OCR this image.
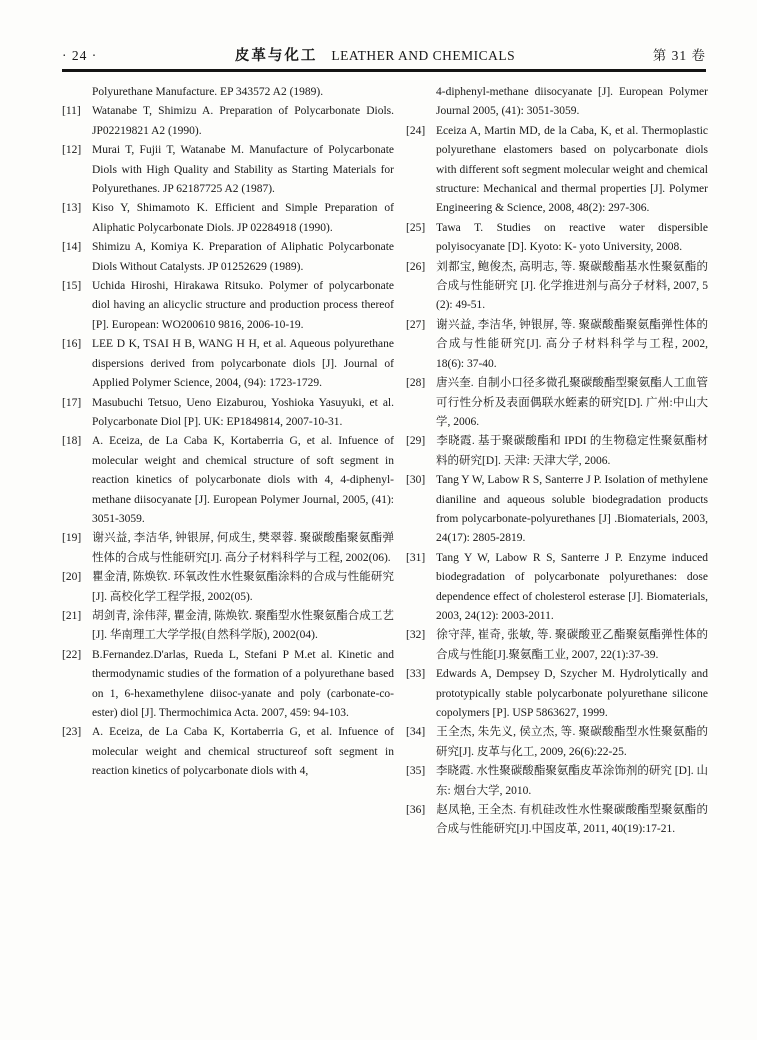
· 24 ·	皮革与化工 LEATHER AND CHEMICALS	第 31 卷
Polyurethane Manufacture. EP 343572 A2 (1989).
[11] Watanabe T, Shimizu A. Preparation of Polycarbonate Diols. JP02219821 A2 (1990).
[12] Murai T, Fujii T, Watanabe M. Manufacture of Polycarbonate Diols with High Quality and Stability as Starting Materials for Polyurethanes. JP 62187725 A2 (1987).
[13] Kiso Y, Shimamoto K. Efficient and Simple Preparation of Aliphatic Polycarbonate Diols. JP 02284918 (1990).
[14] Shimizu A, Komiya K. Preparation of Aliphatic Polycarbonate Diols Without Catalysts. JP 01252629 (1989).
[15] Uchida Hiroshi, Hirakawa Ritsuko. Polymer of polycarbonate diol having an alicyclic structure and production process thereof [P]. European: WO200610 9816, 2006-10-19.
[16] LEE D K, TSAI H B, WANG H H, et al. Aqueous polyurethane dispersions derived from polycarbonate diols [J]. Journal of Applied Polymer Science, 2004, (94): 1723-1729.
[17] Masubuchi Tetsuo, Ueno Eizaburou, Yoshioka Yasuyuki, et al. Polycarbonate Diol [P]. UK: EP1849814, 2007-10-31.
[18] A. Eceiza, de La Caba K, Kortaberria G, et al. Infuence of molecular weight and chemical structure of soft segment in reaction kinetics of polycarbonate diols with 4, 4-diphenyl-methane diisocyanate [J]. European Polymer Journal, 2005, (41): 3051-3059.
[19] 谢兴益, 李洁华, 钟银屏, 何成生, 樊翠蓉. 聚碳酸酯聚氨酯弹性体的合成与性能研究[J]. 高分子材料科学与工程, 2002(06).
[20] 瞿金清, 陈焕钦. 环氧改性水性聚氨酯涂料的合成与性能研究[J]. 高校化学工程学报, 2002(05).
[21] 胡剑青, 涂伟萍, 瞿金清, 陈焕钦. 聚酯型水性聚氨酯合成工艺[J]. 华南理工大学学报(自然科学版), 2002(04).
[22] B.Fernandez.D'arlas, Rueda L, Stefani P M.et al. Kinetic and thermodynamic studies of the formation of a polyurethane based on 1, 6-hexamethylene diisoc-yanate and poly (carbonate-co-ester) diol [J]. Thermochimica Acta. 2007, 459: 94-103.
[23] A. Eceiza, de La Caba K, Kortaberria G, et al. Infuence of molecular weight and chemical structureof soft segment in reaction kinetics of polycarbonate diols with 4,
4-diphenyl-methane diisocyanate [J]. European Polymer Journal 2005, (41): 3051-3059.
[24] Eceiza A, Martin MD, de la Caba, K, et al. Thermoplastic polyurethane elastomers based on polycarbonate diols with different soft segment molecular weight and chemical structure: Mechanical and thermal properties [J]. Polymer Engineering & Science, 2008, 48(2): 297-306.
[25] Tawa T. Studies on reactive water dispersible polyisocyanate [D]. Kyoto: K- yoto University, 2008.
[26] 刘都宝, 鲍俊杰, 高明志, 等. 聚碳酸酯基水性聚氨酯的合成与性能研究 [J]. 化学推进剂与高分子材料, 2007, 5 (2): 49-51.
[27] 谢兴益, 李洁华, 钟银屏, 等. 聚碳酸酯聚氨酯弹性体的合成与性能研究[J]. 高分子材料科学与工程, 2002, 18(6): 37-40.
[28] 唐兴奎. 自制小口径多微孔聚碳酸酯型聚氨酯人工血管可行性分析及表面偶联水蛭素的研究[D]. 广州:中山大学, 2006.
[29] 李晓霞. 基于聚碳酸酯和 IPDI 的生物稳定性聚氨酯材料的研究[D]. 天津: 天津大学, 2006.
[30] Tang Y W, Labow R S, Santerre J P. Isolation of methylene dianiline and aqueous soluble biodegradation products from polycarbonate-polyurethanes [J] .Biomaterials, 2003, 24(17): 2805-2819.
[31] Tang Y W, Labow R S, Santerre J P. Enzyme induced biodegradation of polycarbonate polyurethanes: dose dependence effect of cholesterol esterase [J]. Biomaterials, 2003, 24(12): 2003-2011.
[32] 徐守萍, 崔奇, 张敏, 等. 聚碳酸亚乙酯聚氨酯弹性体的合成与性能[J].聚氨酯工业, 2007, 22(1):37-39.
[33] Edwards A, Dempsey D, Szycher M. Hydrolytically and prototypically stable polycarbonate polyurethane silicone copolymers [P]. USP 5863627, 1999.
[34] 王全杰, 朱先义, 侯立杰, 等. 聚碳酸酯型水性聚氨酯的研究[J]. 皮革与化工, 2009, 26(6):22-25.
[35] 李晓霞. 水性聚碳酸酯聚氨酯皮革涂饰剂的研究 [D]. 山东: 烟台大学, 2010.
[36] 赵凤艳, 王全杰. 有机硅改性水性聚碳酸酯型聚氨酯的合成与性能研究[J].中国皮革, 2011, 40(19):17-21.
